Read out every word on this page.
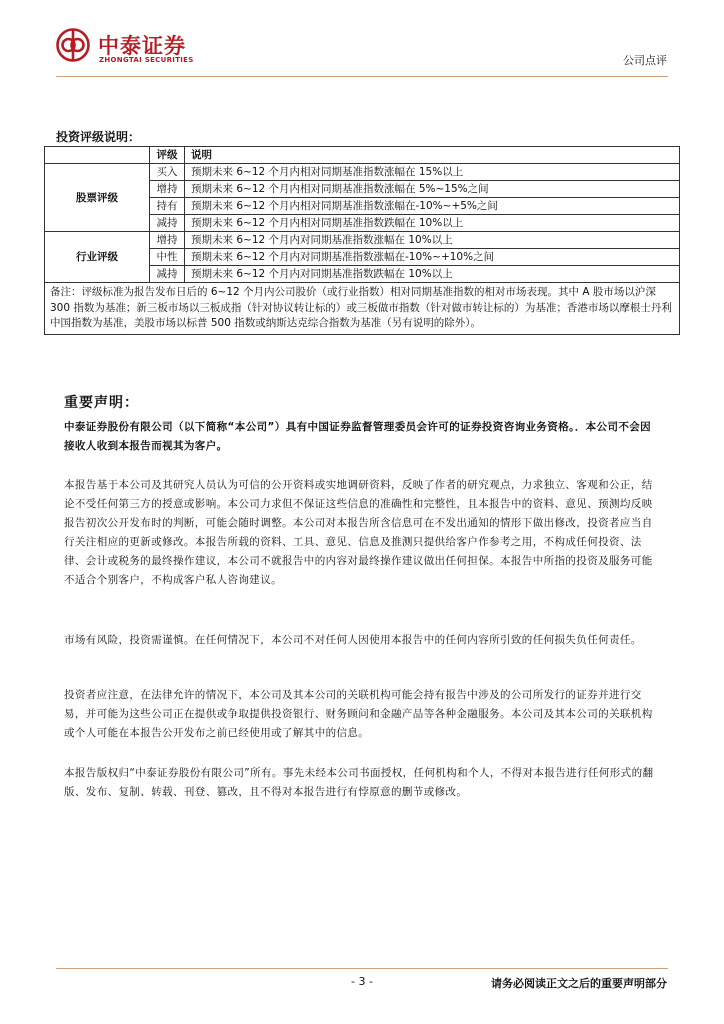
中泰证券
ZHONGTAI SECURITIES	公司点评
投资评级说明：
	评级	说明
股票评级	买入	预期未来 6~12 个月内相对同期基准指数涨幅在 15%以上
	增持	预期未来 6~12 个月内相对同期基准指数涨幅在 5%~15%之间
	持有	预期未来 6~12 个月内相对同期基准指数涨幅在-10%~+5%之间
	减持	预期未来 6~12 个月内相对同期基准指数跌幅在 10%以上
行业评级	增持	预期未来 6~12 个月内对同期基准指数涨幅在 10%以上
	中性	预期未来 6~12 个月内对同期基准指数涨幅在-10%~+10%之间
	减持	预期未来 6~12 个月内对同期基准指数跌幅在 10%以上
备注：评级标准为报告发布日后的 6~12 个月内公司股价（或行业指数）相对同期基准指数的相对市场表现。其中 A 股市场以沪深 300 指数为基准；新三板市场以三板成指（针对协议转让标的）或三板做市指数（针对做市转让标的）为基准；香港市场以摩根士丹利中国指数为基准，美股市场以标普 500 指数或纳斯达克综合指数为基准（另有说明的除外）。		
重要声明：

中泰证券股份有限公司（以下简称“本公司”）具有中国证券监督管理委员会许可的证券投资咨询业务资格。．本公司不会因接收人收到本报告而视其为客户。

本报告基于本公司及其研究人员认为可信的公开资料或实地调研资料，反映了作者的研究观点，力求独立、客观和公正，结论不受任何第三方的授意或影响。本公司力求但不保证这些信息的准确性和完整性，且本报告中的资料、意见、预测均反映报告初次公开发布时的判断，可能会随时调整。本公司对本报告所含信息可在不发出通知的情形下做出修改，投资者应当自行关注相应的更新或修改。本报告所载的资料、工具、意见、信息及推测只提供给客户作参考之用，不构成任何投资、法律、会计或税务的最终操作建议，本公司不就报告中的内容对最终操作建议做出任何担保。本报告中所指的投资及服务可能不适合个别客户，不构成客户私人咨询建议。

市场有风险，投资需谨慎。在任何情况下，本公司不对任何人因使用本报告中的任何内容所引致的任何损失负任何责任。

投资者应注意，在法律允许的情况下，本公司及其本公司的关联机构可能会持有报告中涉及的公司所发行的证券并进行交易，并可能为这些公司正在提供或争取提供投资银行、财务顾问和金融产品等各种金融服务。本公司及其本公司的关联机构或个人可能在本报告公开发布之前已经使用或了解其中的信息。

本报告版权归“中泰证券股份有限公司”所有。事先未经本公司书面授权，任何机构和个人，不得对本报告进行任何形式的翻版、发布、复制、转载、刊登、篡改，且不得对本报告进行有悖原意的删节或修改。

- 3 -	请务必阅读正文之后的重要声明部分
